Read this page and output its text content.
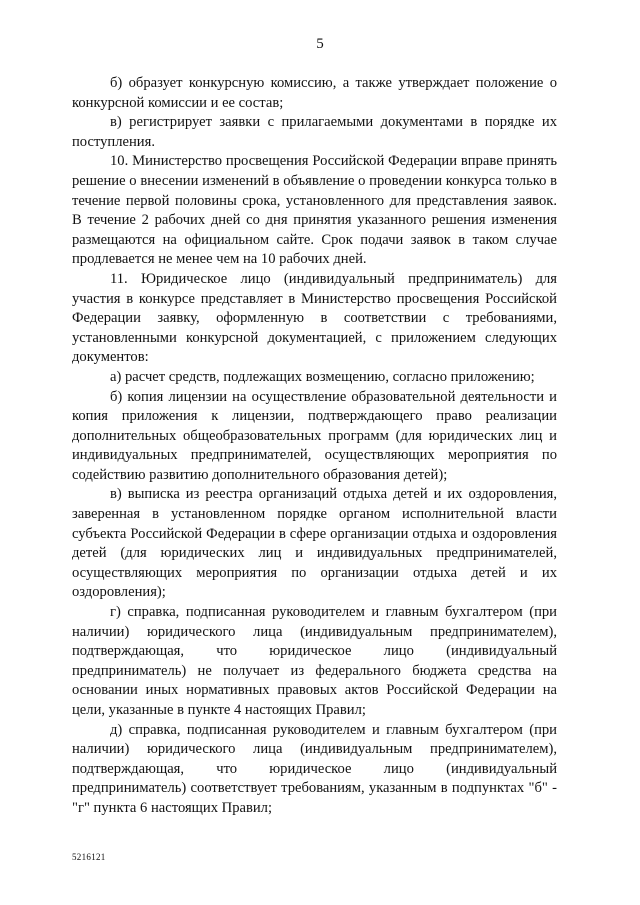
5

б) образует конкурсную комиссию, а также утверждает положение о конкурсной комиссии и ее состав;

в) регистрирует заявки с прилагаемыми документами в порядке их поступления.

10. Министерство просвещения Российской Федерации вправе принять решение о внесении изменений в объявление о проведении конкурса только в течение первой половины срока, установленного для представления заявок. В течение 2 рабочих дней со дня принятия указанного решения изменения размещаются на официальном сайте. Срок подачи заявок в таком случае продлевается не менее чем на 10 рабочих дней.

11. Юридическое лицо (индивидуальный предприниматель) для участия в конкурсе представляет в Министерство просвещения Российской Федерации заявку, оформленную в соответствии с требованиями, установленными конкурсной документацией, с приложением следующих документов:

а) расчет средств, подлежащих возмещению, согласно приложению;

б) копия лицензии на осуществление образовательной деятельности и копия приложения к лицензии, подтверждающего право реализации дополнительных общеобразовательных программ (для юридических лиц и индивидуальных предпринимателей, осуществляющих мероприятия по содействию развитию дополнительного образования детей);

в) выписка из реестра организаций отдыха детей и их оздоровления, заверенная в установленном порядке органом исполнительной власти субъекта Российской Федерации в сфере организации отдыха и оздоровления детей (для юридических лиц и индивидуальных предпринимателей, осуществляющих мероприятия по организации отдыха детей и их оздоровления);

г) справка, подписанная руководителем и главным бухгалтером (при наличии) юридического лица (индивидуальным предпринимателем), подтверждающая, что юридическое лицо (индивидуальный предприниматель) не получает из федерального бюджета средства на основании иных нормативных правовых актов Российской Федерации на цели, указанные в пункте 4 настоящих Правил;

д) справка, подписанная руководителем и главным бухгалтером (при наличии) юридического лица (индивидуальным предпринимателем), подтверждающая, что юридическое лицо (индивидуальный предприниматель) соответствует требованиям, указанным в подпунктах "б" - "г" пункта 6 настоящих Правил;

5216121
